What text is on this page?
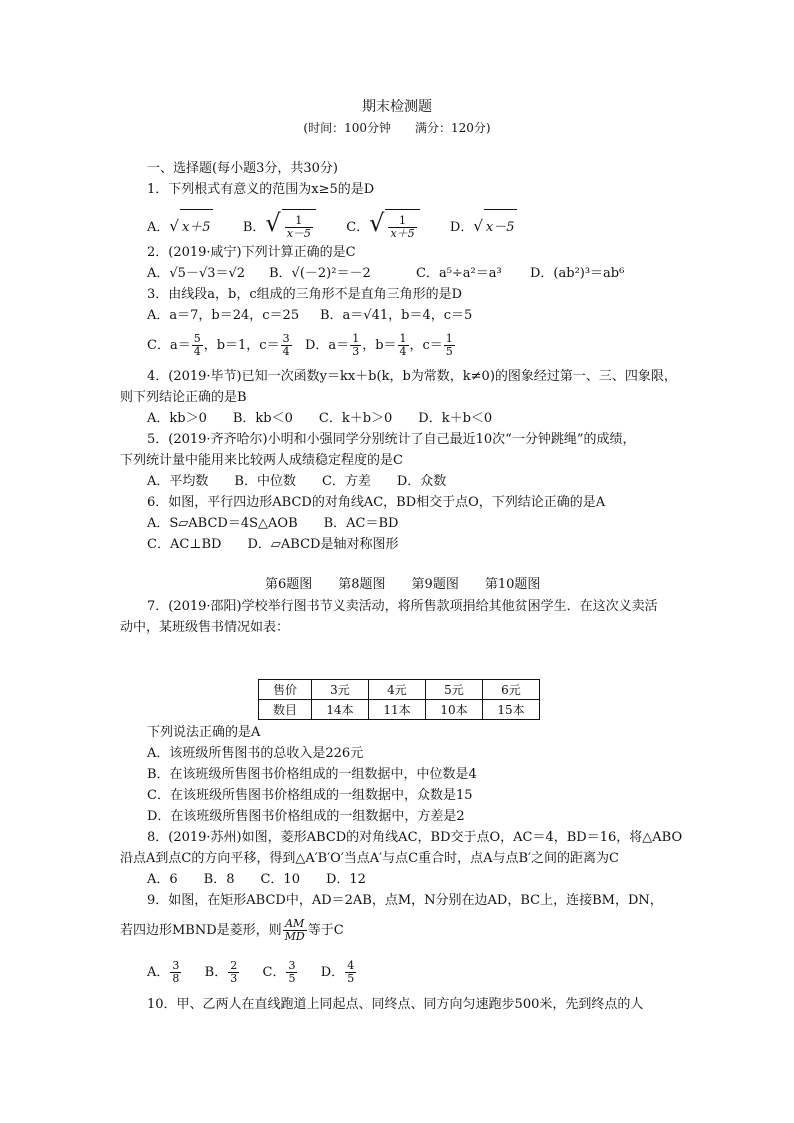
期末检测题
(时间：100分钟　　满分：120分)
一、选择题(每小题3分，共30分)
1．下列根式有意义的范围为x≥5的是D
A．√ x＋5 B．√ $\frac{1}{x-5}$	C．√ $\frac{1}{x+5}$	D．√ x－5
2．(2019·咸宁)下列计算正确的是C
A．√5－√3＝√2 B．√(－2)²＝－2	C．a⁵÷a²＝a³ D．(ab²)³＝ab⁶
3．由线段a，b，c组成的三角形不是直角三角形的是D
A．a＝7，b＝24，c＝25 B．a＝√41，b＝4，c＝5
C．$a= \frac{5}{4}$ ，b＝1，$c= \frac{3}{4}$ D．$a= \frac{1}{3}$ ，$b= \frac{1}{4}$ ，$c= \frac{1}{5}$
4．(2019·毕节)已知一次函数y＝kx＋b(k，b为常数，k≠0)的图象经过第一、三、四象限，
则下列结论正确的是B
A．kb＞0　　B．kb＜0　　C．k＋b＞0　　D．k＋b＜0
5．(2019·齐齐哈尔)小明和小强同学分别统计了自己最近10次“一分钟跳绳”的成绩，
下列统计量中能用来比较两人成绩稳定程度的是C
A．平均数　　B．中位数　　C．方差　　D．众数
6．如图，平行四边形ABCD的对角线AC，BD相交于点O，下列结论正确的是A
A．S▱ABCD＝4S△AOB　　B．AC＝BD
C．AC⊥BD　　D．▱ABCD是轴对称图形
第6题图　　第8题图　　第9题图　　第10题图
7．(2019·邵阳)学校举行图书节义卖活动，将所售款项捐给其他贫困学生．在这次义卖活
动中，某班级售书情况如表：
售价	3元	4元	5元	6元
数目	14本	11本	10本	15本
下列说法正确的是A
A．该班级所售图书的总收入是226元
B．在该班级所售图书价格组成的一组数据中，中位数是4
C．在该班级所售图书价格组成的一组数据中，众数是15
D．在该班级所售图书价格组成的一组数据中，方差是2
8．(2019·苏州)如图，菱形ABCD的对角线AC，BD交于点O，AC＝4，BD＝16，将△ABO
沿点A到点C的方向平移，得到△A′B′O′当点A′与点C重合时，点A与点B′之间的距离为C
A．6　　B．8　　C．10　　D．12
9．如图，在矩形ABCD中，AD＝2AB，点M，N分别在边AD，BC上，连接BM，DN，
若四边形MBND是菱形，则 $\frac{AM}{MD}$ 等于C
A． $\frac{3}{8}$ B． $\frac{2}{3}$ C． $\frac{3}{5}$ D． $\frac{4}{5}$
10．甲、乙两人在直线跑道上同起点、同终点、同方向匀速跑步500米，先到终点的人
